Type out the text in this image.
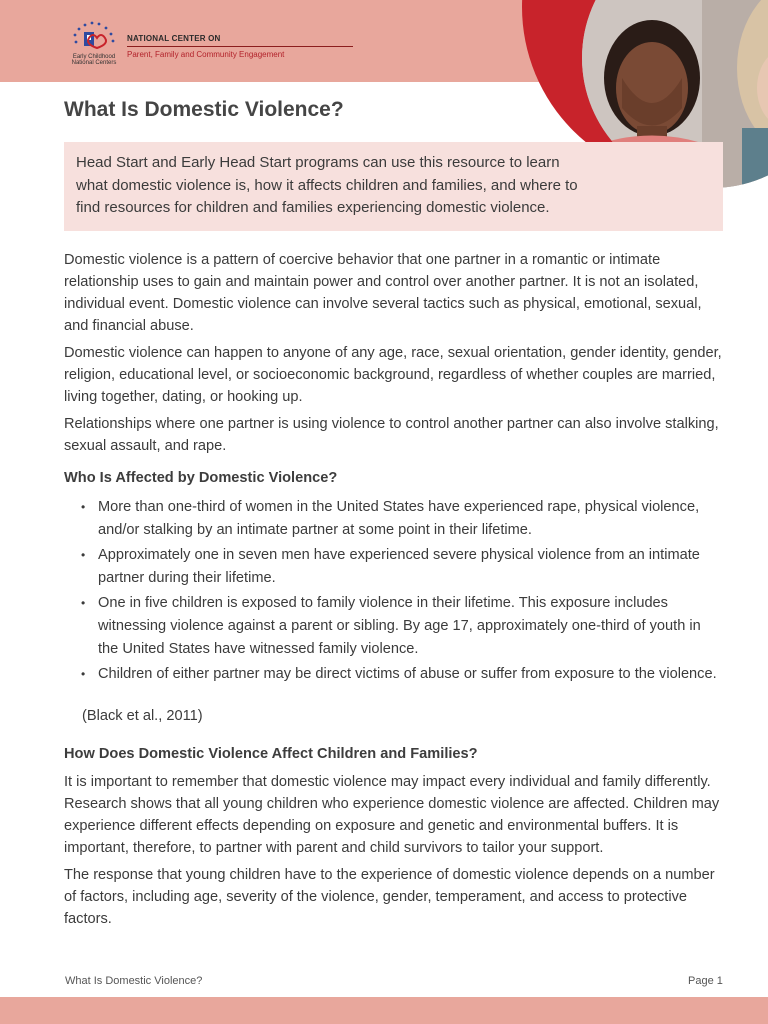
Early Childhood
National Centers
NATIONAL CENTER ON
Parent, Family and Community Engagement
What Is Domestic Violence?
Head Start and Early Head Start programs can use this resource to learn what domestic violence is, how it affects children and families, and where to find resources for children and families experiencing domestic violence.

Domestic violence is a pattern of coercive behavior that one partner in a romantic or intimate relationship uses to gain and maintain power and control over another partner. It is not an isolated, individual event. Domestic violence can involve several tactics such as physical, emotional, sexual, and financial abuse.

Domestic violence can happen to anyone of any age, race, sexual orientation, gender identity, gender, religion, educational level, or socioeconomic background, regardless of whether couples are married, living together, dating, or hooking up.

Relationships where one partner is using violence to control another partner can also involve stalking, sexual assault, and rape.

Who Is Affected by Domestic Violence?

• More than one-third of women in the United States have experienced rape, physical violence, and/or stalking by an intimate partner at some point in their lifetime.
• Approximately one in seven men have experienced severe physical violence from an intimate partner during their lifetime.
• One in five children is exposed to family violence in their lifetime. This exposure includes witnessing violence against a parent or sibling. By age 17, approximately one-third of youth in the United States have witnessed family violence.
• Children of either partner may be direct victims of abuse or suffer from exposure to the violence.
(Black et al., 2011)

How Does Domestic Violence Affect Children and Families?

It is important to remember that domestic violence may impact every individual and family differently. Research shows that all young children who experience domestic violence are affected. Children may experience different effects depending on exposure and genetic and environmental buffers. It is important, therefore, to partner with parent and child survivors to tailor your support.

The response that young children have to the experience of domestic violence depends on a number of factors, including age, severity of the violence, gender, temperament, and access to protective factors.

What Is Domestic Violence?	Page 1
